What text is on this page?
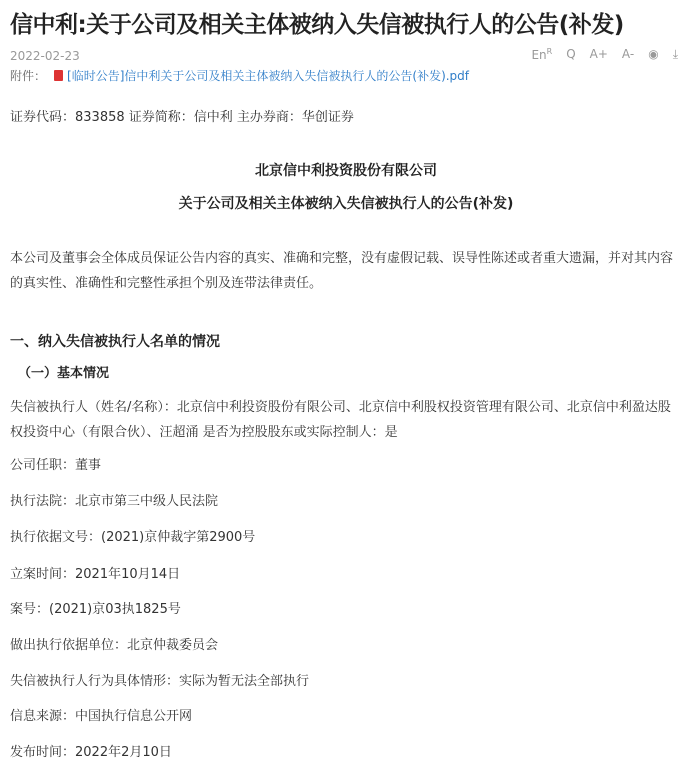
信中利:关于公司及相关主体被纳入失信被执行人的公告(补发)
2022-02-23	$En^R$ Q A+ A- ◉ ⤓
附件： [临时公告]信中利关于公司及相关主体被纳入失信被执行人的公告(补发).pdf
证券代码：833858 证券简称：信中利 主办券商：华创证券
北京信中利投资股份有限公司
关于公司及相关主体被纳入失信被执行人的公告(补发)
本公司及董事会全体成员保证公告内容的真实、准确和完整，没有虚假记载、误导性陈述或者重大遗漏，并对其内容的真实性、准确性和完整性承担个别及连带法律责任。
一、纳入失信被执行人名单的情况
（一）基本情况
失信被执行人（姓名/名称）：北京信中利投资股份有限公司、北京信中利股权投资管理有限公司、北京信中利盈达股权投资中心（有限合伙）、汪超涌 是否为控股股东或实际控制人：是
公司任职：董事
执行法院：北京市第三中级人民法院
执行依据文号：(2021)京仲裁字第2900号
立案时间：2021年10月14日
案号：(2021)京03执1825号
做出执行依据单位：北京仲裁委员会
失信被执行人行为具体情形：实际为暂无法全部执行
信息来源：中国执行信息公开网
发布时间：2022年2月10日
